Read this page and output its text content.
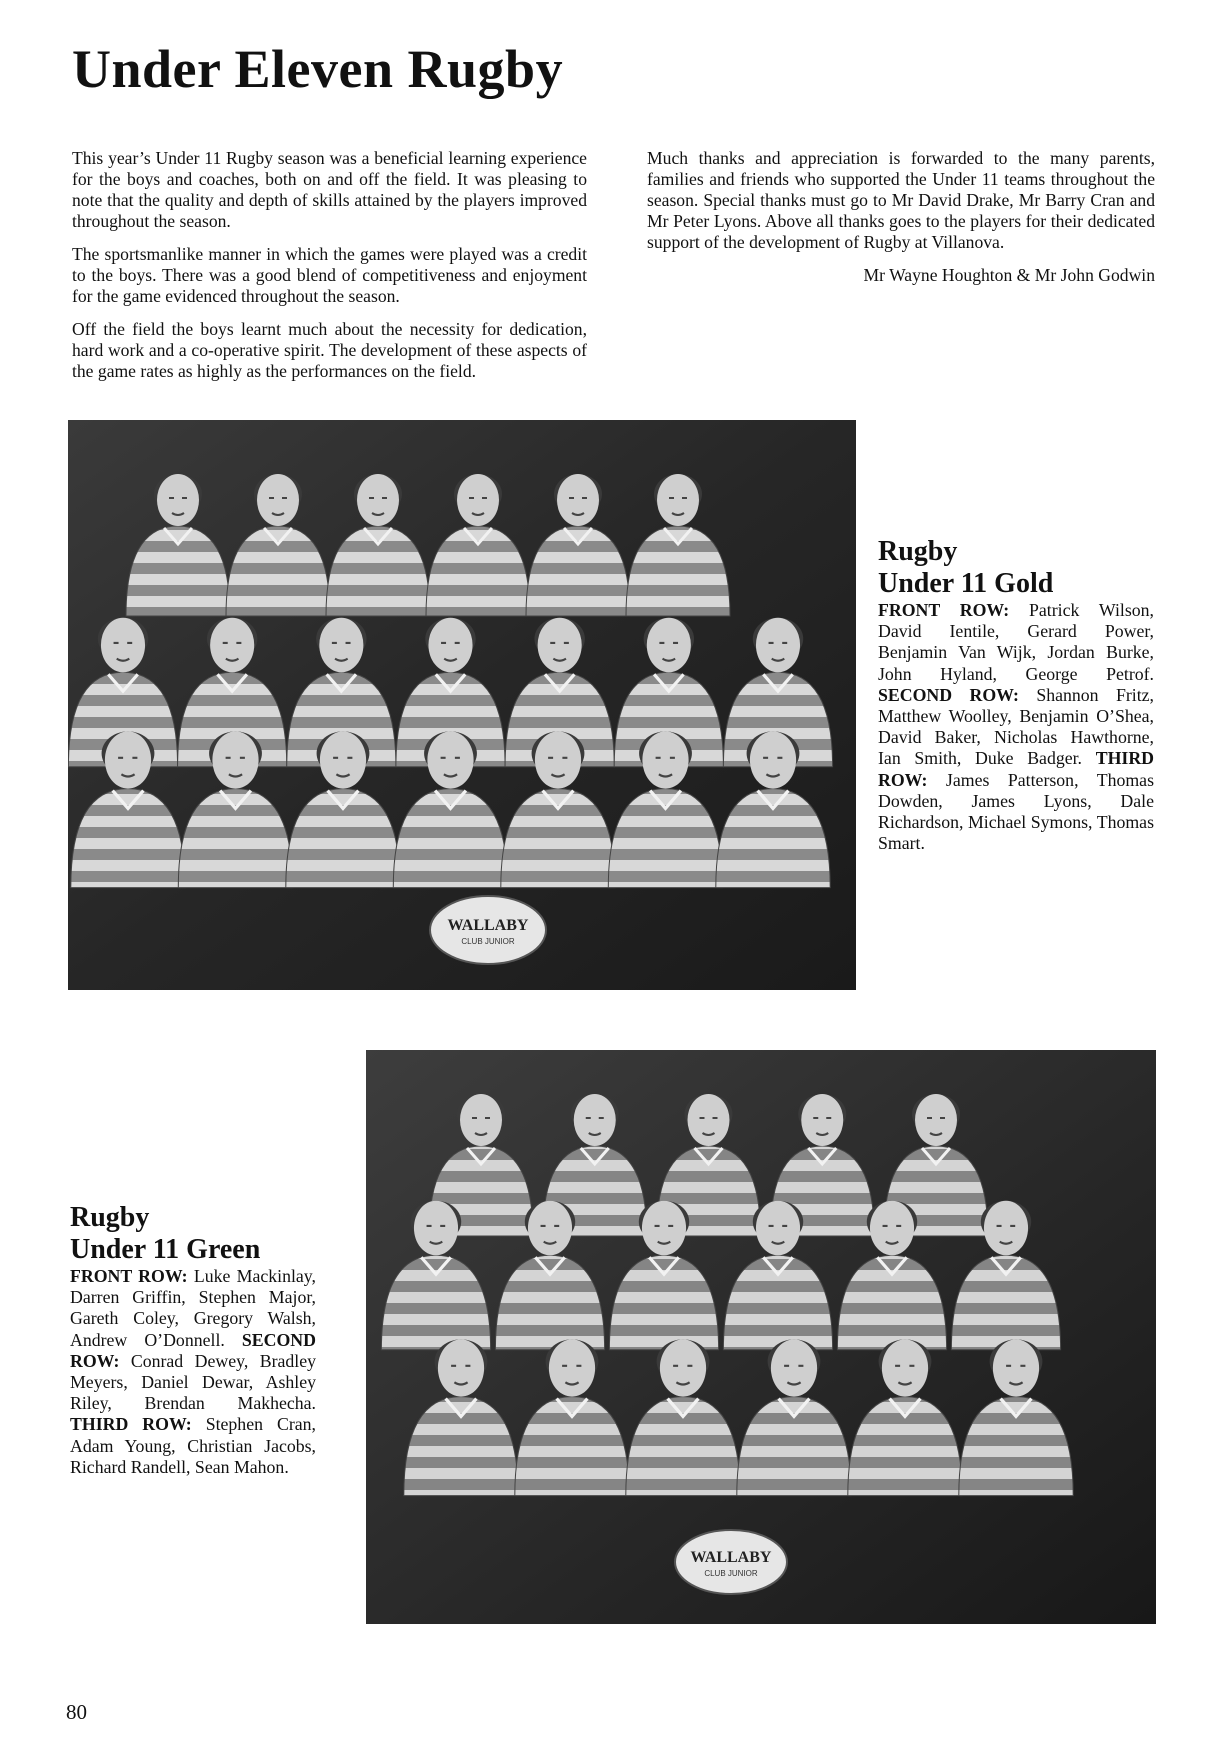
Under Eleven Rugby

This year’s Under 11 Rugby season was a beneficial learning experience for the boys and coaches, both on and off the field. It was pleasing to note that the quality and depth of skills attained by the players improved throughout the season.

The sportsmanlike manner in which the games were played was a credit to the boys. There was a good blend of competitiveness and enjoyment for the game evidenced throughout the season.

Off the field the boys learnt much about the necessity for dedication, hard work and a co-operative spirit. The development of these aspects of the game rates as highly as the performances on the field.

Much thanks and appreciation is forwarded to the many parents, families and friends who supported the Under 11 teams throughout the season. Special thanks must go to Mr David Drake, Mr Barry Cran and Mr Peter Lyons. Above all thanks goes to the players for their dedicated support of the development of Rugby at Villanova.

Mr Wayne Houghton & Mr John Godwin
WALLABY
CLUB JUNIOR
Rugby
Under 11 Gold
FRONT ROW: Patrick Wilson, David Ientile, Gerard Power, Benjamin Van Wijk, Jordan Burke, John Hyland, George Petrof. SECOND ROW: Shannon Fritz, Matthew Woolley, Benjamin O’Shea, David Baker, Nicholas Hawthorne, Ian Smith, Duke Badger. THIRD ROW: James Patterson, Thomas Dowden, James Lyons, Dale Richardson, Michael Symons, Thomas Smart.
WALLABY
CLUB JUNIOR
Rugby
Under 11 Green
FRONT ROW: Luke Mackinlay, Darren Griffin, Stephen Major, Gareth Coley, Gregory Walsh, Andrew O’Donnell. SECOND ROW: Conrad Dewey, Bradley Meyers, Daniel Dewar, Ashley Riley, Brendan Makhecha. THIRD ROW: Stephen Cran, Adam Young, Christian Jacobs, Richard Randell, Sean Mahon.
80
